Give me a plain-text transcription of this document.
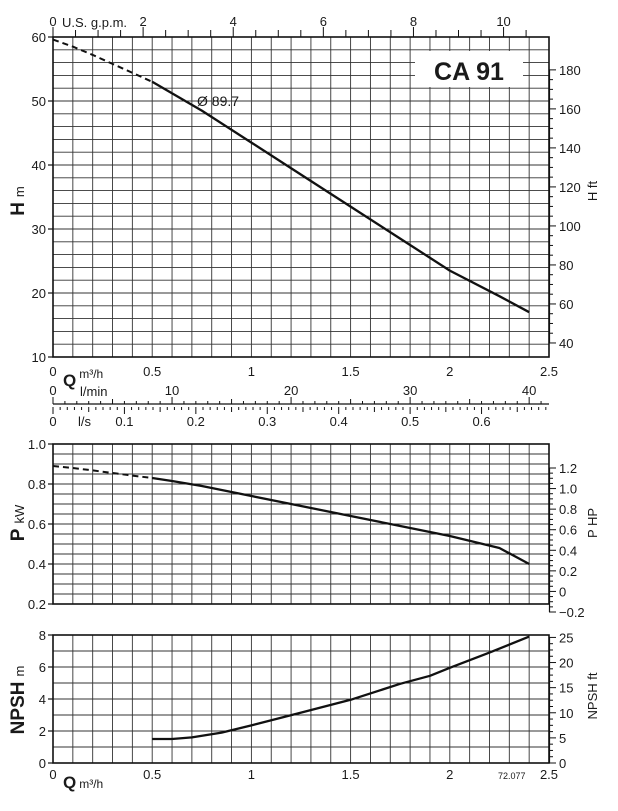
10
20
30
40
50
60
40
60
80
100
120
140
160
180
0.2
0.4
0.6
0.8
1.0
−0.2
0
0.2
0.4
0.6
0.8
1.0
1.2
0
2
4
6
8
0
5
10
15
20
25
0	2	4	6	8	10
0	0.5	1	1.5	2	2.5
0	10	20	30	40
0	0.1	0.2	0.3	0.4	0.5	0.6
0	0.5	1	1.5	2	2.5
CA 91
Ø 89.7
Hm
PkW
NPSHm
H ft
P HP
NPSH ft
U.S. g.p.m.
Q $^{m^3/h}$
l/min
l/s
Q m³/h
72.077
